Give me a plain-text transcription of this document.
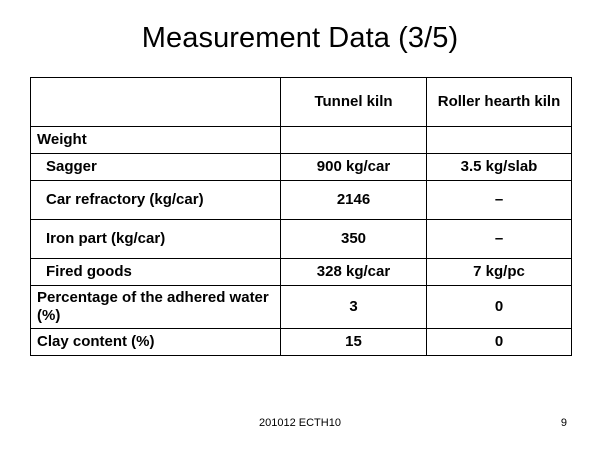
Measurement Data (3/5)
	Tunnel kiln	Roller hearth kiln
Weight		
Sagger	900 kg/car	3.5 kg/slab
Car refractory (kg/car)	2146	–
Iron part (kg/car)	350	–
Fired goods	328 kg/car	7 kg/pc
Percentage of the adhered water (%)	3	0
Clay content (%)	15	0
201012 ECTH10	9
